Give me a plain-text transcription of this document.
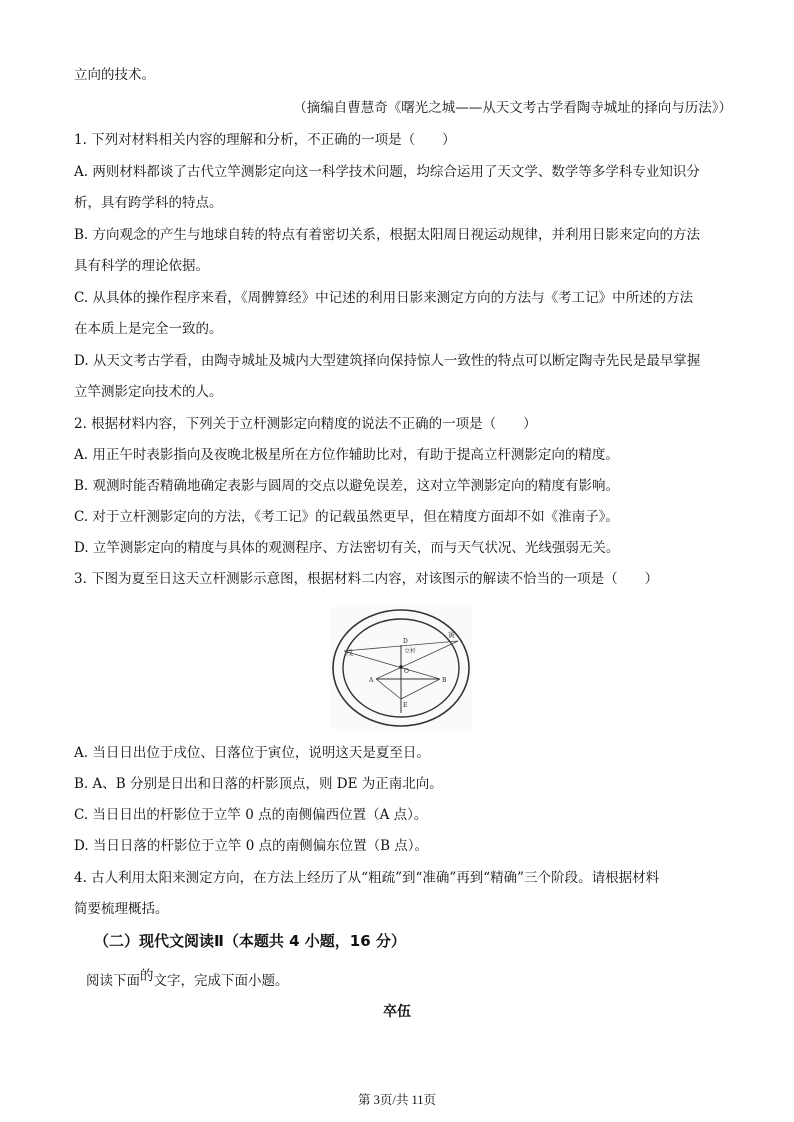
立向的技术。
（摘编自曹慧奇《曙光之城——从天文考古学看陶寺城址的择向与历法》）
1. 下列对材料相关内容的理解和分析，不正确的一项是（　　）
A. 两则材料都谈了古代立竿测影定向这一科学技术问题，均综合运用了天文学、数学等多学科专业知识分
析，具有跨学科的特点。
B. 方向观念的产生与地球自转的特点有着密切关系，根据太阳周日视运动规律，并利用日影来定向的方法
具有科学的理论依据。
C. 从具体的操作程序来看，《周髀算经》中记述的利用日影来测定方向的方法与《考工记》中所述的方法
在本质上是完全一致的。
D. 从天文考古学看，由陶寺城址及城内大型建筑择向保持惊人一致性的特点可以断定陶寺先民是最早掌握
立竿测影定向技术的人。
2. 根据材料内容，下列关于立杆测影定向精度的说法不正确的一项是（　　）
A. 用正午时表影指向及夜晚北极星所在方位作辅助比对，有助于提高立杆测影定向的精度。
B. 观测时能否精确地确定表影与圆周的交点以避免误差，这对立竿测影定向的精度有影响。
C. 对于立杆测影定向的方法，《考工记》的记载虽然更早，但在精度方面却不如《淮南子》。
D. 立竿测影定向的精度与具体的观测程序、方法密切有关，而与天气状况、光线强弱无关。
3. 下图为夏至日这天立杆测影示意图，根据材料二内容，对该图示的解读不恰当的一项是（　　）
戌
寅
立杆
A	B
O
E
D
A. 当日日出位于戌位、日落位于寅位，说明这天是夏至日。
B. A、B 分别是日出和日落的杆影顶点，则 DE 为正南北向。
C. 当日日出的杆影位于立竿 0 点的南侧偏西位置（A 点）。
D. 当日日落的杆影位于立竿 0 点的南侧偏东位置（B 点）。
4. 古人利用太阳来测定方向，在方法上经历了从“粗疏”到“准确”再到“精确”三个阶段。请根据材料
简要梳理概括。
（二）现代文阅读Ⅱ（本题共 4 小题，16 分）
阅读下面的文字，完成下面小题。
卒伍
第 3页/共 11页
